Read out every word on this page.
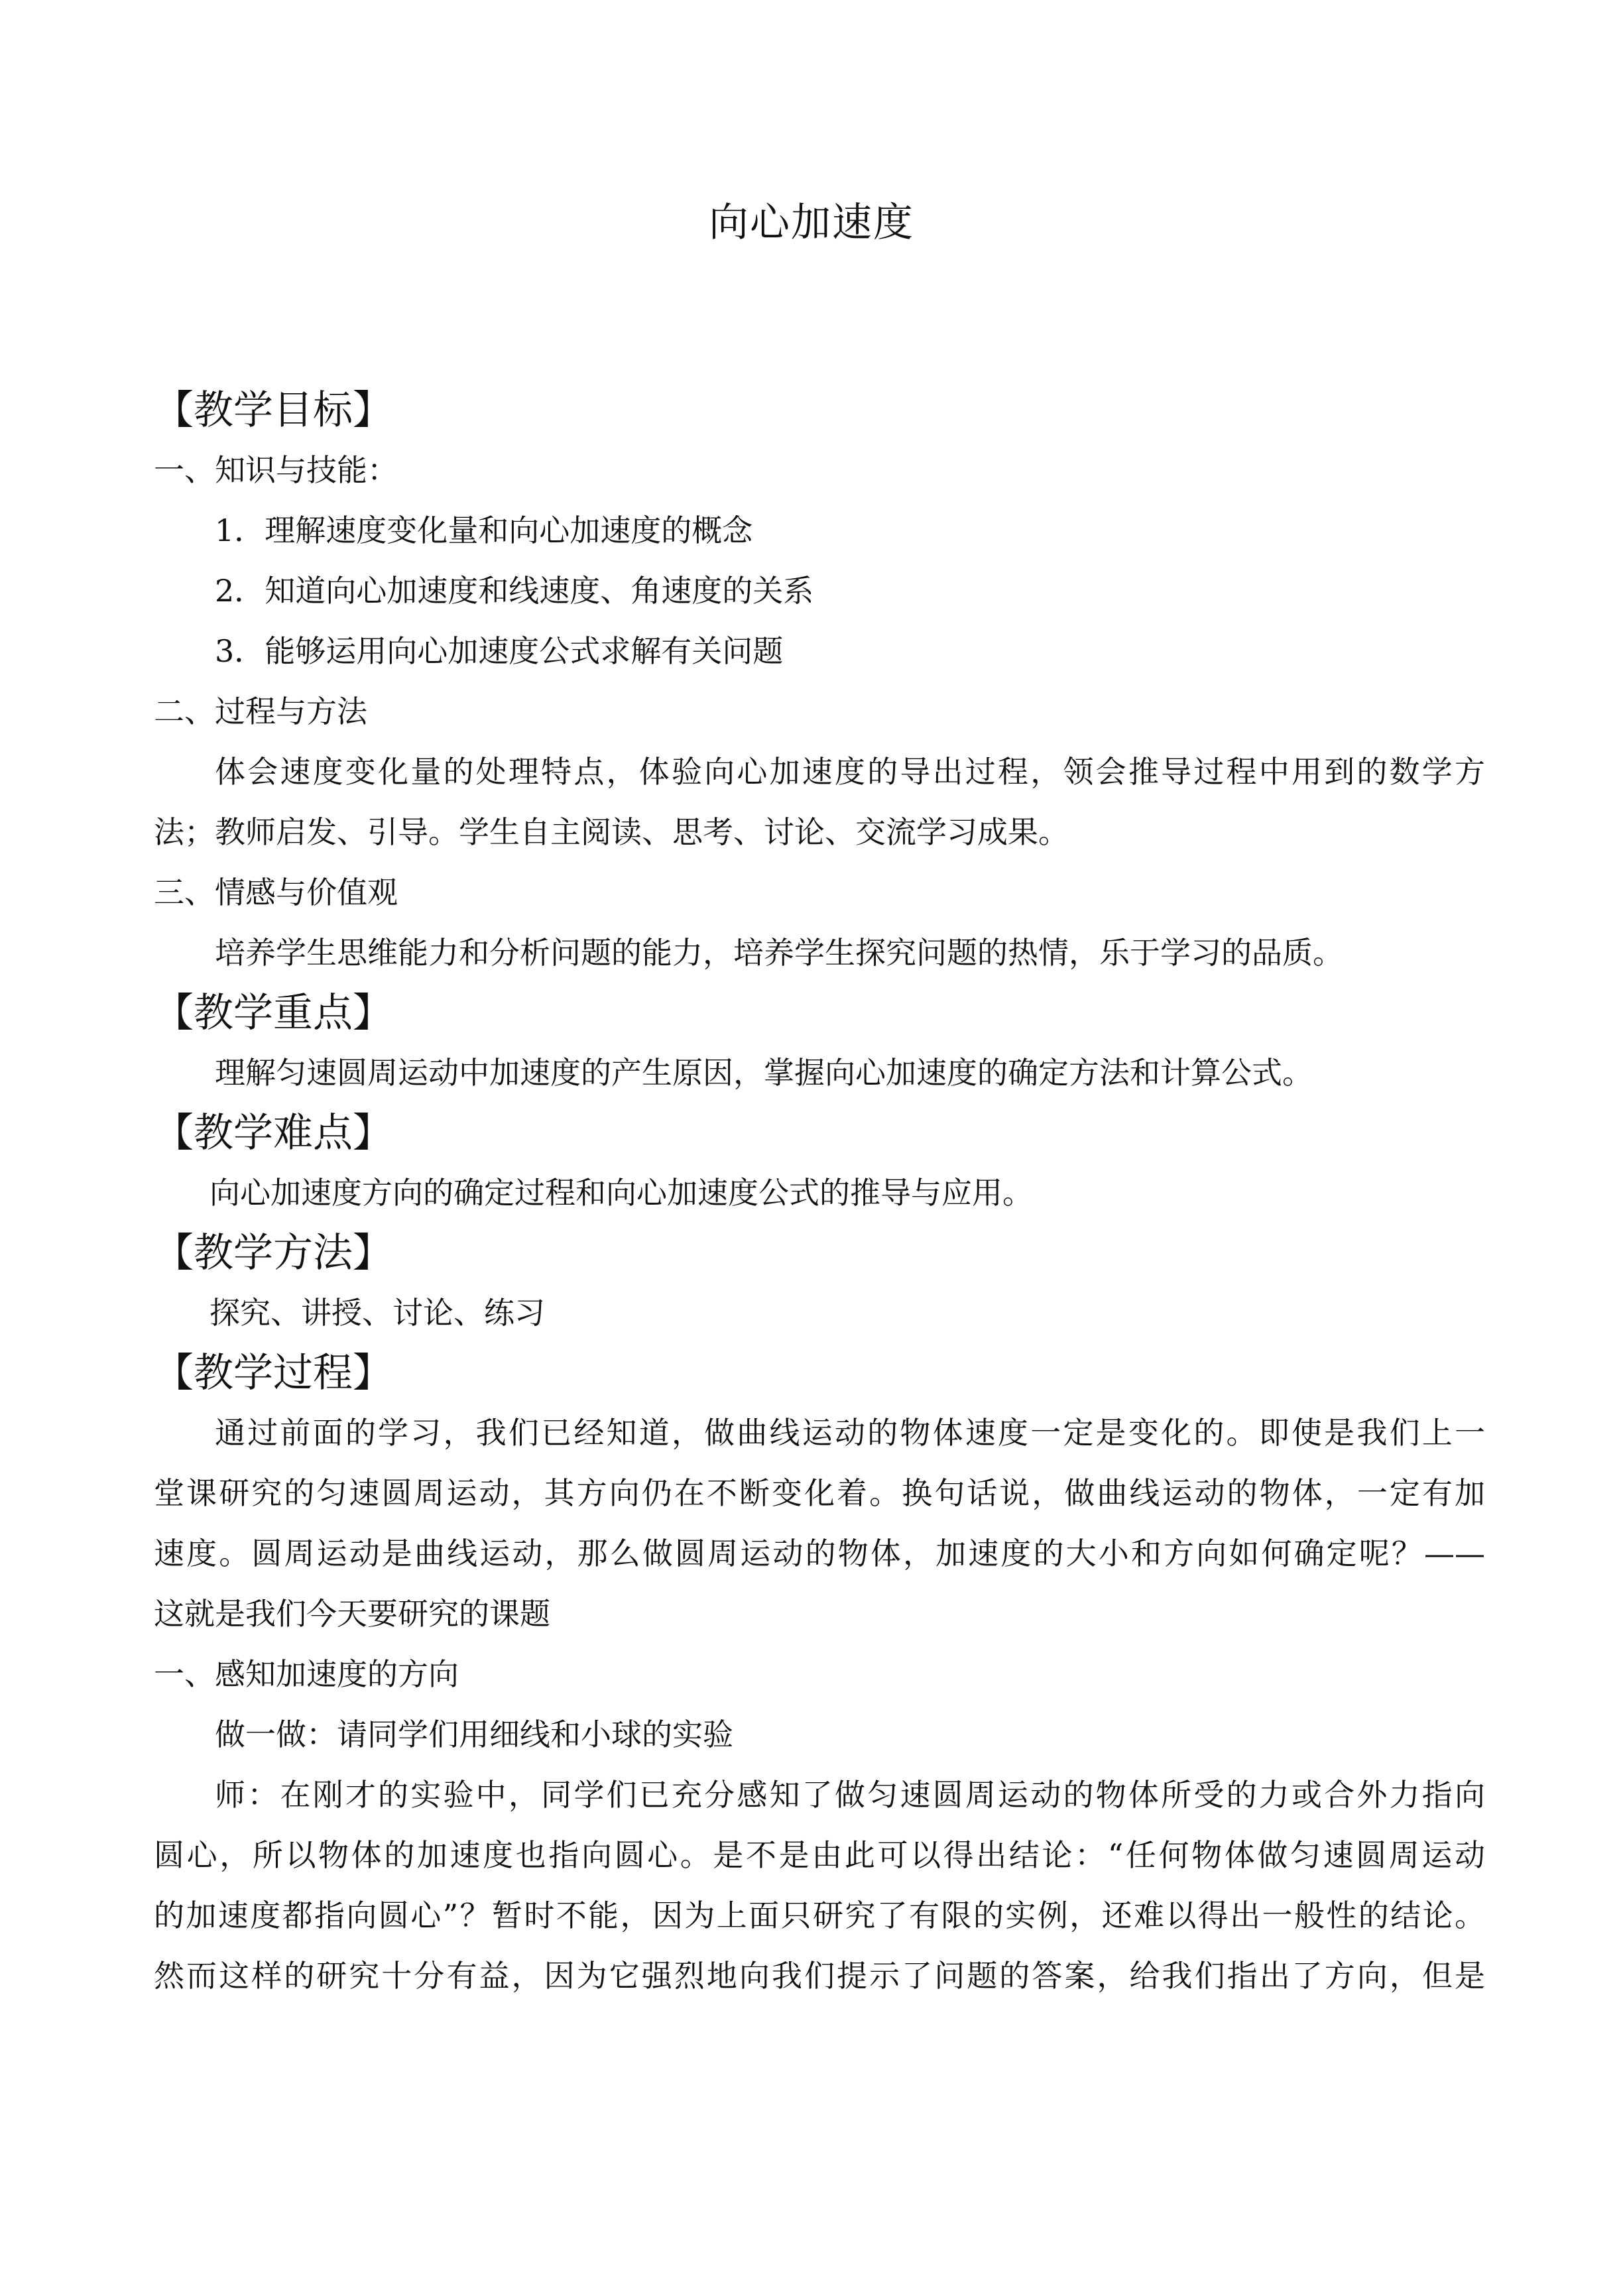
向心加速度
【教学目标】
一、知识与技能：
1．理解速度变化量和向心加速度的概念
2．知道向心加速度和线速度、角速度的关系
3．能够运用向心加速度公式求解有关问题
二、过程与方法
体会速度变化量的处理特点，体验向心加速度的导出过程，领会推导过程中用到的数学方
法；教师启发、引导。学生自主阅读、思考、讨论、交流学习成果。
三、情感与价值观
培养学生思维能力和分析问题的能力，培养学生探究问题的热情，乐于学习的品质。
【教学重点】
理解匀速圆周运动中加速度的产生原因，掌握向心加速度的确定方法和计算公式。
【教学难点】
向心加速度方向的确定过程和向心加速度公式的推导与应用。
【教学方法】
探究、讲授、讨论、练习
【教学过程】
通过前面的学习，我们已经知道，做曲线运动的物体速度一定是变化的。即使是我们上一
堂课研究的匀速圆周运动，其方向仍在不断变化着。换句话说，做曲线运动的物体，一定有加
速度。圆周运动是曲线运动，那么做圆周运动的物体，加速度的大小和方向如何确定呢？——
这就是我们今天要研究的课题
一、感知加速度的方向
做一做：请同学们用细线和小球的实验
师：在刚才的实验中，同学们已充分感知了做匀速圆周运动的物体所受的力或合外力指向
圆心，所以物体的加速度也指向圆心。是不是由此可以得出结论：“任何物体做匀速圆周运动
的加速度都指向圆心”？暂时不能，因为上面只研究了有限的实例，还难以得出一般性的结论。
然而这样的研究十分有益，因为它强烈地向我们提示了问题的答案，给我们指出了方向，但是
